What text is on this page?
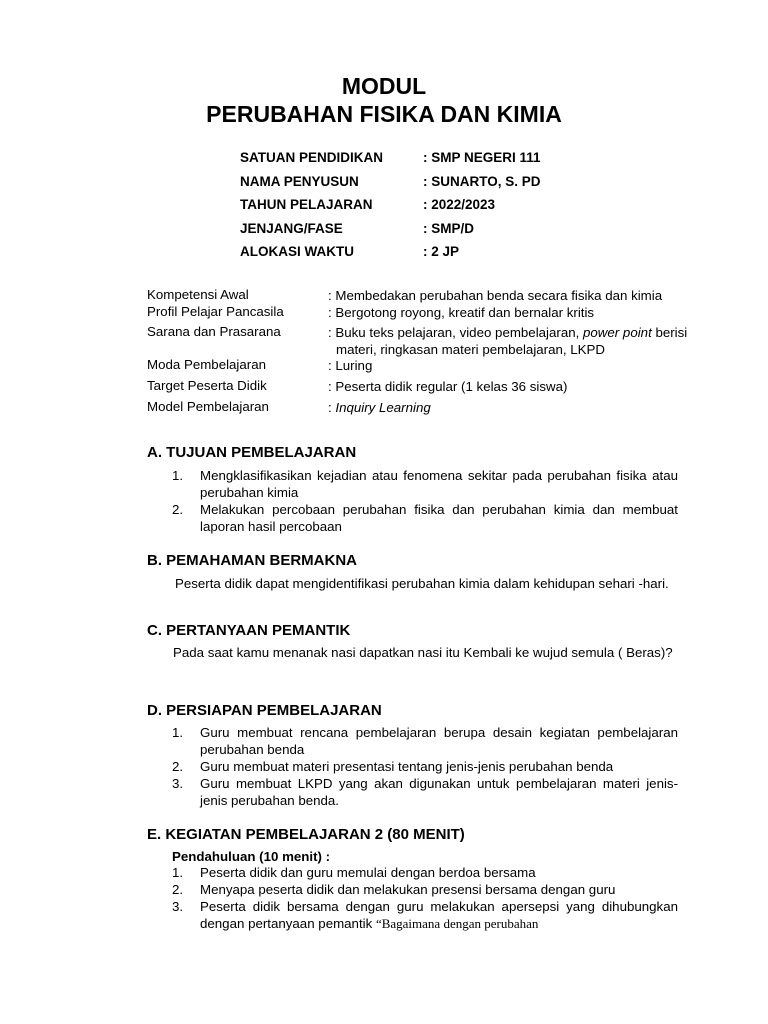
MODUL
PERUBAHAN FISIKA DAN KIMIA
SATUAN PENDIDIKAN	: SMP NEGERI 111
NAMA PENYUSUN	: SUNARTO, S. PD
TAHUN PELAJARAN	: 2022/2023
JENJANG/FASE	: SMP/D
ALOKASI WAKTU	: 2 JP
Kompetensi Awal	: Membedakan perubahan benda secara fisika dan kimia
Profil Pelajar Pancasila	: Bergotong royong, kreatif dan bernalar kritis
Sarana dan Prasarana	: Buku teks pelajaran, video pembelajaran, power point berisi
materi, ringkasan materi pembelajaran, LKPD
Moda Pembelajaran	: Luring
Target Peserta Didik	: Peserta didik regular (1 kelas 36 siswa)
Model Pembelajaran	: Inquiry Learning
A. TUJUAN PEMBELAJARAN
1. Mengklasifikasikan kejadian atau fenomena sekitar pada perubahan fisika atau perubahan kimia
2. Melakukan percobaan perubahan fisika dan perubahan kimia dan membuat laporan hasil percobaan
B. PEMAHAMAN BERMAKNA
Peserta didik dapat mengidentifikasi perubahan kimia dalam kehidupan sehari -hari.
C. PERTANYAAN PEMANTIK
Pada saat kamu menanak nasi dapatkan nasi itu Kembali ke wujud semula ( Beras)?
D. PERSIAPAN PEMBELAJARAN
1. Guru membuat rencana pembelajaran berupa desain kegiatan pembelajaran perubahan benda
2. Guru membuat materi presentasi tentang jenis-jenis perubahan benda
3. Guru membuat LKPD yang akan digunakan untuk pembelajaran materi jenis-jenis perubahan benda.
E. KEGIATAN PEMBELAJARAN 2 (80 MENIT)
Pendahuluan (10 menit) :
1. Peserta didik dan guru memulai dengan berdoa bersama
2. Menyapa peserta didik dan melakukan presensi bersama dengan guru
3. Peserta didik bersama dengan guru melakukan apersepsi yang dihubungkan dengan pertanyaan pemantik “Bagaimana dengan perubahan
